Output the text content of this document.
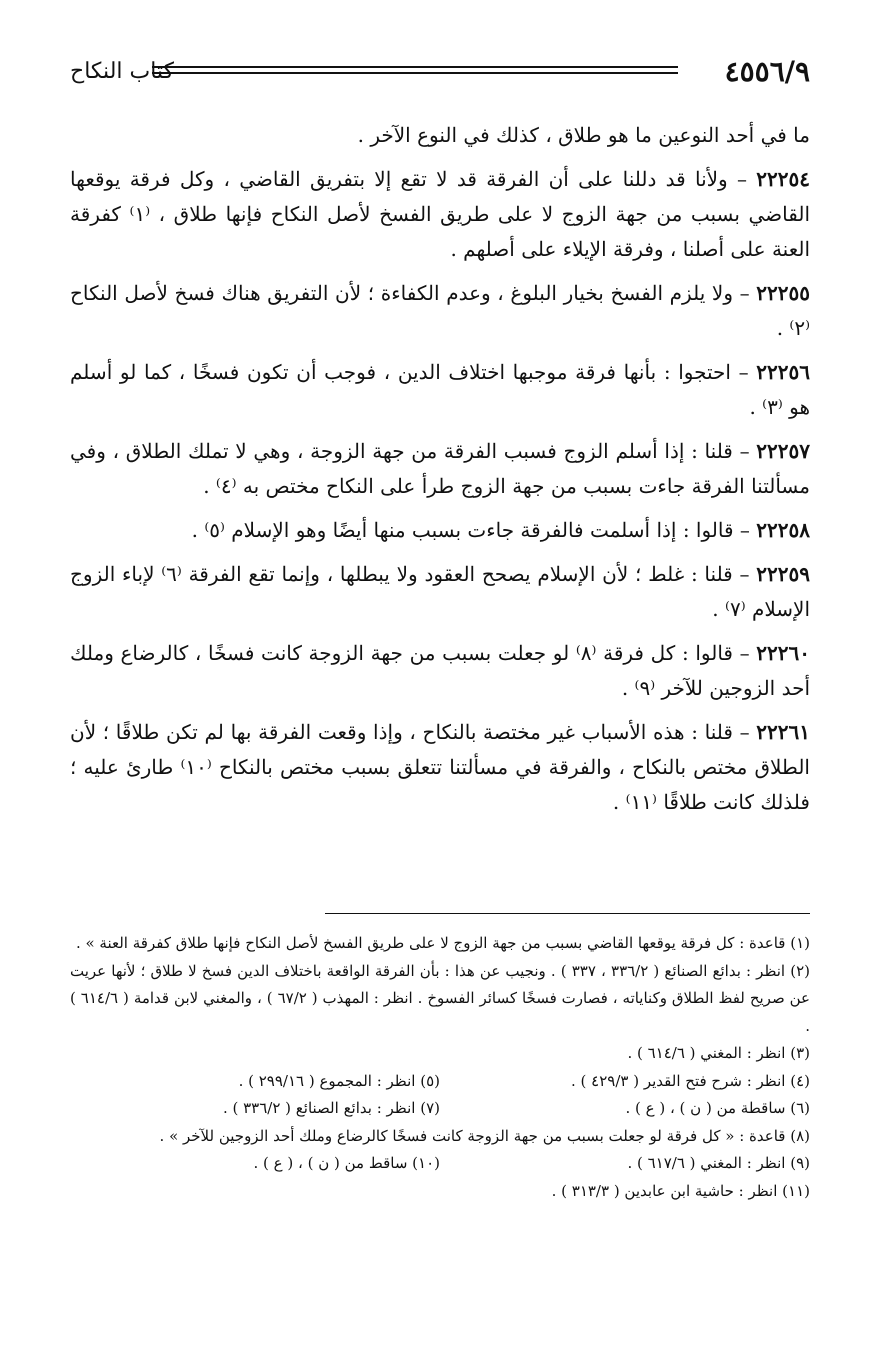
٤٥٥٦/٩
كتاب النكاح

ما في أحد النوعين ما هو طلاق ، كذلك في النوع الآخر .

٢٢٢٥٤ – ولأنا قد دللنا على أن الفرقة قد لا تقع إلا بتفريق القاضي ، وكل فرقة يوقعها القاضي بسبب من جهة الزوج لا على طريق الفسخ لأصل النكاح فإنها طلاق ، ⁽١⁾ كفرقة العنة على أصلنا ، وفرقة الإيلاء على أصلهم .

٢٢٢٥٥ – ولا يلزم الفسخ بخيار البلوغ ، وعدم الكفاءة ؛ لأن التفريق هناك فسخ لأصل النكاح ⁽٢⁾ .

٢٢٢٥٦ – احتجوا : بأنها فرقة موجبها اختلاف الدين ، فوجب أن تكون فسخًا ، كما لو أسلم هو ⁽٣⁾ .

٢٢٢٥٧ – قلنا : إذا أسلم الزوج فسبب الفرقة من جهة الزوجة ، وهي لا تملك الطلاق ، وفي مسألتنا الفرقة جاءت بسبب من جهة الزوج طرأ على النكاح مختص به ⁽٤⁾ .

٢٢٢٥٨ – قالوا : إذا أسلمت فالفرقة جاءت بسبب منها أيضًا وهو الإسلام ⁽٥⁾ .

٢٢٢٥٩ – قلنا : غلط ؛ لأن الإسلام يصحح العقود ولا يبطلها ، وإنما تقع الفرقة ⁽٦⁾ لإباء الزوج الإسلام ⁽٧⁾ .

٢٢٢٦٠ – قالوا : كل فرقة ⁽٨⁾ لو جعلت بسبب من جهة الزوجة كانت فسخًا ، كالرضاع وملك أحد الزوجين للآخر ⁽٩⁾ .

٢٢٢٦١ – قلنا : هذه الأسباب غير مختصة بالنكاح ، وإذا وقعت الفرقة بها لم تكن طلاقًا ؛ لأن الطلاق مختص بالنكاح ، والفرقة في مسألتنا تتعلق بسبب مختص بالنكاح ⁽١٠⁾ طارئ عليه ؛ فلذلك كانت طلاقًا ⁽١١⁾ .

(١) قاعدة : كل فرقة يوقعها القاضي بسبب من جهة الزوج لا على طريق الفسخ لأصل النكاح فإنها طلاق كفرقة العنة » .

(٢) انظر : بدائع الصنائع ( ٣٣٦/٢ ، ٣٣٧ ) . ونجيب عن هذا : بأن الفرقة الواقعة باختلاف الدين فسخ لا طلاق ؛ لأنها عريت عن صريح لفظ الطلاق وكناياته ، فصارت فسخًا كسائر الفسوخ . انظر : المهذب ( ٦٧/٢ ) ، والمغني لابن قدامة ( ٦١٤/٦ ) .

(٣) انظر : المغني ( ٦١٤/٦ ) .

(٤) انظر : شرح فتح القدير ( ٤٢٩/٣ ) .

(٥) انظر : المجموع ( ٢٩٩/١٦ ) .

(٦) ساقطة من ( ن ) ، ( ع ) .

(٧) انظر : بدائع الصنائع ( ٣٣٦/٢ ) .

(٨) قاعدة : « كل فرقة لو جعلت بسبب من جهة الزوجة كانت فسخًا كالرضاع وملك أحد الزوجين للآخر » .

(٩) انظر : المغني ( ٦١٧/٦ ) .

(١٠) ساقط من ( ن ) ، ( ع ) .

(١١) انظر : حاشية ابن عابدين ( ٣١٣/٣ ) .
